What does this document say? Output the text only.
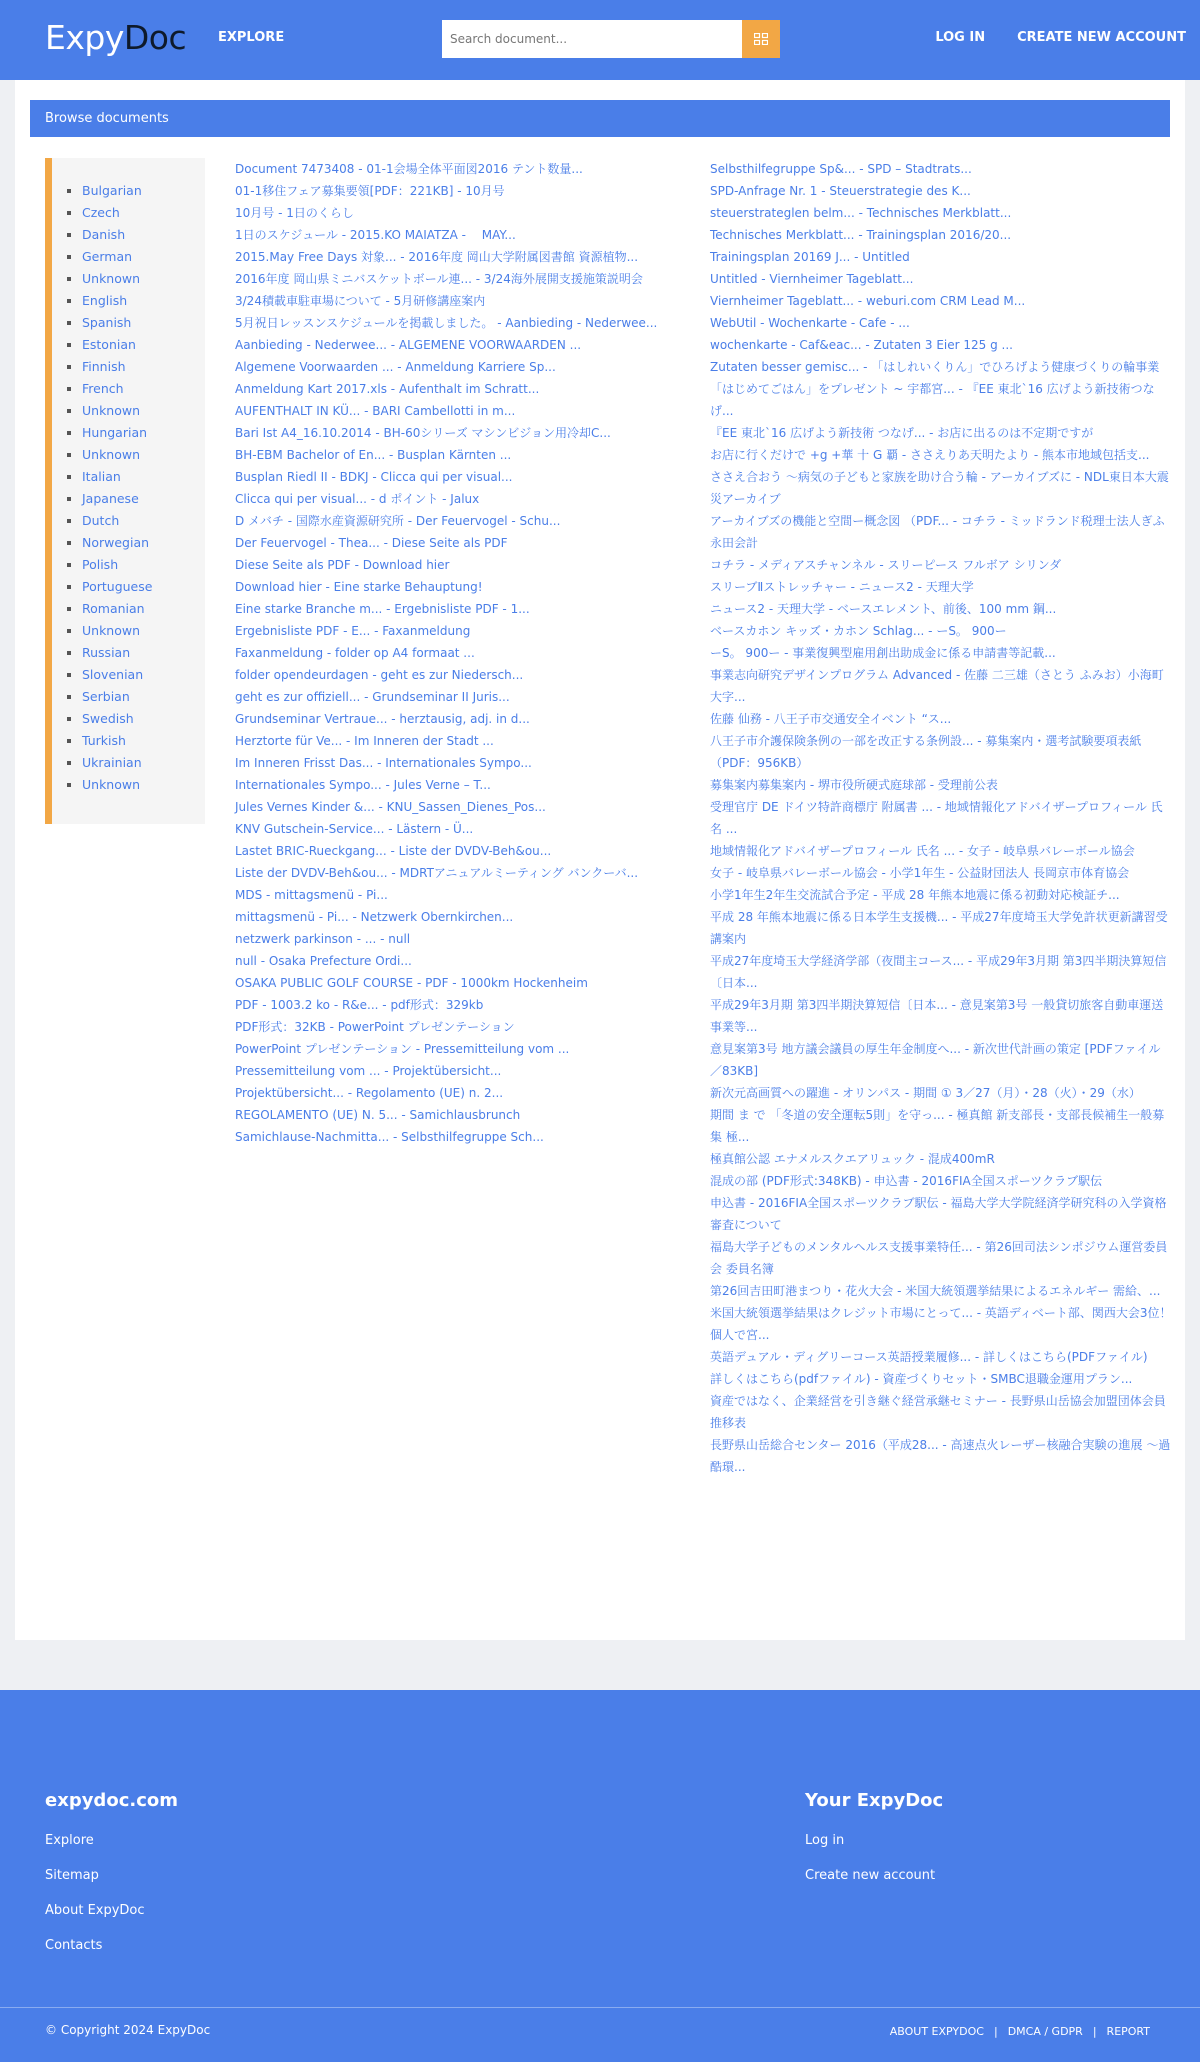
ExpyDoc EXPLORE
Search document...	LOG IN CREATE NEW ACCOUNT
Browse documents
▪ Bulgarian
▪ Czech
▪ Danish
▪ German
▪ Unknown
▪ English
▪ Spanish
▪ Estonian
▪ Finnish
▪ French
▪ Unknown
▪ Hungarian
▪ Unknown
▪ Italian
▪ Japanese
▪ Dutch
▪ Norwegian
▪ Polish
▪ Portuguese
▪ Romanian
▪ Unknown
▪ Russian
▪ Slovenian
▪ Serbian
▪ Swedish
▪ Turkish
▪ Ukrainian
▪ Unknown
Document 7473408 - 01-1会場全体平面図2016 テント数量...
01-1移住フェア募集要領[PDF：221KB] - 10月号
10月号 - 1日のくらし
1日のスケジュール - 2015.KO MAIATZA - 　MAY...
2015.May Free Days 対象... - 2016年度 岡山大学附属図書館 資源植物...
2016年度 岡山県ミニバスケットボール連... - 3/24海外展開支援施策説明会
3/24積載車駐車場について - 5月研修講座案内
5月祝日レッスンスケジュールを掲載しました。 - Aanbieding - Nederwee...
Aanbieding - Nederwee... - ALGEMENE VOORWAARDEN ...
Algemene Voorwaarden ... - Anmeldung Karriere Sp...
Anmeldung Kart 2017.xls - Aufenthalt im Schratt...
AUFENTHALT IN KÜ... - BARI Cambellotti in m...
Bari Ist A4_16.10.2014 - BH-60シリーズ マシンビジョン用冷却C...
BH-EBM Bachelor of En... - Busplan Kärnten ...
Busplan Riedl II - BDKJ - Clicca qui per visual...
Clicca qui per visual... - d ポイント - Jalux
D メバチ - 国際水産資源研究所 - Der Feuervogel - Schu...
Der Feuervogel - Thea... - Diese Seite als PDF
Diese Seite als PDF - Download hier
Download hier - Eine starke Behauptung!
Eine starke Branche m... - Ergebnisliste PDF - 1...
Ergebnisliste PDF - E... - Faxanmeldung
Faxanmeldung - folder op A4 formaat ...
folder opendeurdagen - geht es zur Niedersch...
geht es zur offiziell... - Grundseminar II Juris...
Grundseminar Vertraue... - herztausig, adj. in d...
Herztorte für Ve... - Im Inneren der Stadt ...
Im Inneren Frisst Das... - Internationales Sympo...
Internationales Sympo... - Jules Verne – T...
Jules Vernes Kinder &... - KNU_Sassen_Dienes_Pos...
KNV Gutschein-Service... - Lästern - Ü...
Lastet BRIC-Rueckgang... - Liste der DVDV-Beh&ou...
Liste der DVDV-Beh&ou... - MDRTアニュアルミーティング バンクーバ...
MDS - mittagsmenü - Pi...
mittagsmenü - Pi... - Netzwerk Obernkirchen...
netzwerk parkinson - ... - null
null - Osaka Prefecture Ordi...
OSAKA PUBLIC GOLF COURSE - PDF - 1000km Hockenheim
PDF - 1003.2 ko - R&e... - pdf形式：329kb
PDF形式：32KB - PowerPoint プレゼンテーション
PowerPoint プレゼンテーション - Pressemitteilung vom ...
Pressemitteilung vom ... - Projektübersicht...
Projektübersicht... - Regolamento (UE) n. 2...
REGOLAMENTO (UE) N. 5... - Samichlausbrunch
Samichlause-Nachmitta... - Selbsthilfegruppe Sch...
Selbsthilfegruppe Sp&... - SPD – Stadtrats...
SPD-Anfrage Nr. 1 - Steuerstrategie des K...
steuerstrateglen belm... - Technisches Merkblatt...
Technisches Merkblatt... - Trainingsplan 2016/20...
Trainingsplan 20169 J... - Untitled
Untitled - Viernheimer Tageblatt...
Viernheimer Tageblatt... - weburi.com CRM Lead M...
WebUtil - Wochenkarte - Cafe - ...
wochenkarte - Caf&eac... - Zutaten 3 Eier 125 g ...
Zutaten besser gemisc... - 「はしれいくりん」でひろげよう健康づくりの輪事業
「はじめてごはん」をプレゼント ~ 宇都宮... - 『EE 東北`16 広げよう新技術つなげ...
『EE 東北`16 広げよう新技術 つなげ... - お店に出るのは不定期ですが
お店に行くだけで +g +華 十 G 覇 - ささえりあ天明たより - 熊本市地域包括支...
ささえ合おう ～病気の子どもと家族を助け合う輪 - アーカイブズに - NDL東日本大震災アーカイブ
アーカイブズの機能と空間ー概念図 （PDF... - コチラ - ミッドランド税理士法人ぎふ永田会計
コチラ - メディアスチャンネル - スリーピース フルボア シリンダ
スリーブⅡストレッチャー - ニュース2 - 天理大学
ニュース2 - 天理大学 - ベースエレメント、前後、100 mm 鋼...
ベースカホン キッズ・カホン Schlag... - ーS。 900ー
ーS。 900ー - 事業復興型雇用創出助成金に係る申請書等記載...
事業志向研究デザインプログラム Advanced - 佐藤 二三雄（さとう ふみお）小海町大字...
佐藤 仙務 - 八王子市交通安全イベント “ス...
八王子市介護保険条例の一部を改正する条例設... - 募集案内・選考試験要項表紙（PDF：956KB）
募集案内募集案内 - 堺市役所硬式庭球部 - 受理前公表
受理官庁 DE ドイツ特許商標庁 附属書 ... - 地域情報化アドバイザープロフィール 氏名 ...
地域情報化アドバイザープロフィール 氏名 ... - 女子 - 岐阜県バレーボール協会
女子 - 岐阜県バレーボール協会 - 小学1年生 - 公益財団法人 長岡京市体育協会
小学1年生2年生交流試合予定 - 平成 28 年熊本地震に係る初動対応検証チ...
平成 28 年熊本地震に係る日本学生支援機... - 平成27年度埼玉大学免許状更新講習受講案内
平成27年度埼玉大学経済学部（夜間主コース... - 平成29年3月期 第3四半期決算短信〔日本...
平成29年3月期 第3四半期決算短信〔日本... - 意見案第3号 一般貸切旅客自動車運送事業等...
意見案第3号 地方議会議員の厚生年金制度へ... - 新次世代計画の策定 [PDFファイル／83KB]
新次元高画質への躍進 - オリンパス - 期間 ① 3／27（月）・28（火）・29（水）
期間 ま で 「冬道の安全運転5則」を守っ... - 極真館 新支部長・支部長候補生一般募集 極...
極真館公認 エナメルスクエアリュック - 混成400mR
混成の部 (PDF形式:348KB) - 申込書 - 2016FIA全国スポーツクラブ駅伝
申込書 - 2016FIA全国スポーツクラブ駅伝 - 福島大学大学院経済学研究科の入学資格審査について
福島大学子どものメンタルヘルス支援事業特任... - 第26回司法シンポジウム運営委員会 委員名簿
第26回吉田町港まつり・花火大会 - 米国大統領選挙結果によるエネルギー 需給、...
米国大統領選挙結果はクレジット市場にとって... - 英語ディベート部、関西大会3位！ 個人で宮...
英語デュアル・ディグリーコース英語授業履修... - 詳しくはこちら(PDFファイル)
詳しくはこちら(pdfファイル) - 資産づくりセット・SMBC退職金運用プラン...
資産ではなく、企業経営を引き継ぐ経営承継セミナー - 長野県山岳協会加盟団体会員推移表
長野県山岳総合センター 2016（平成28... - 高速点火レーザー核融合実験の進展 〜過酷環...
expydoc.com
Explore
Sitemap
About ExpyDoc
Contacts
Your ExpyDoc
Log in
Create new account
© Copyright 2024 ExpyDoc	ABOUT EXPYDOC | DMCA / GDPR | REPORT
